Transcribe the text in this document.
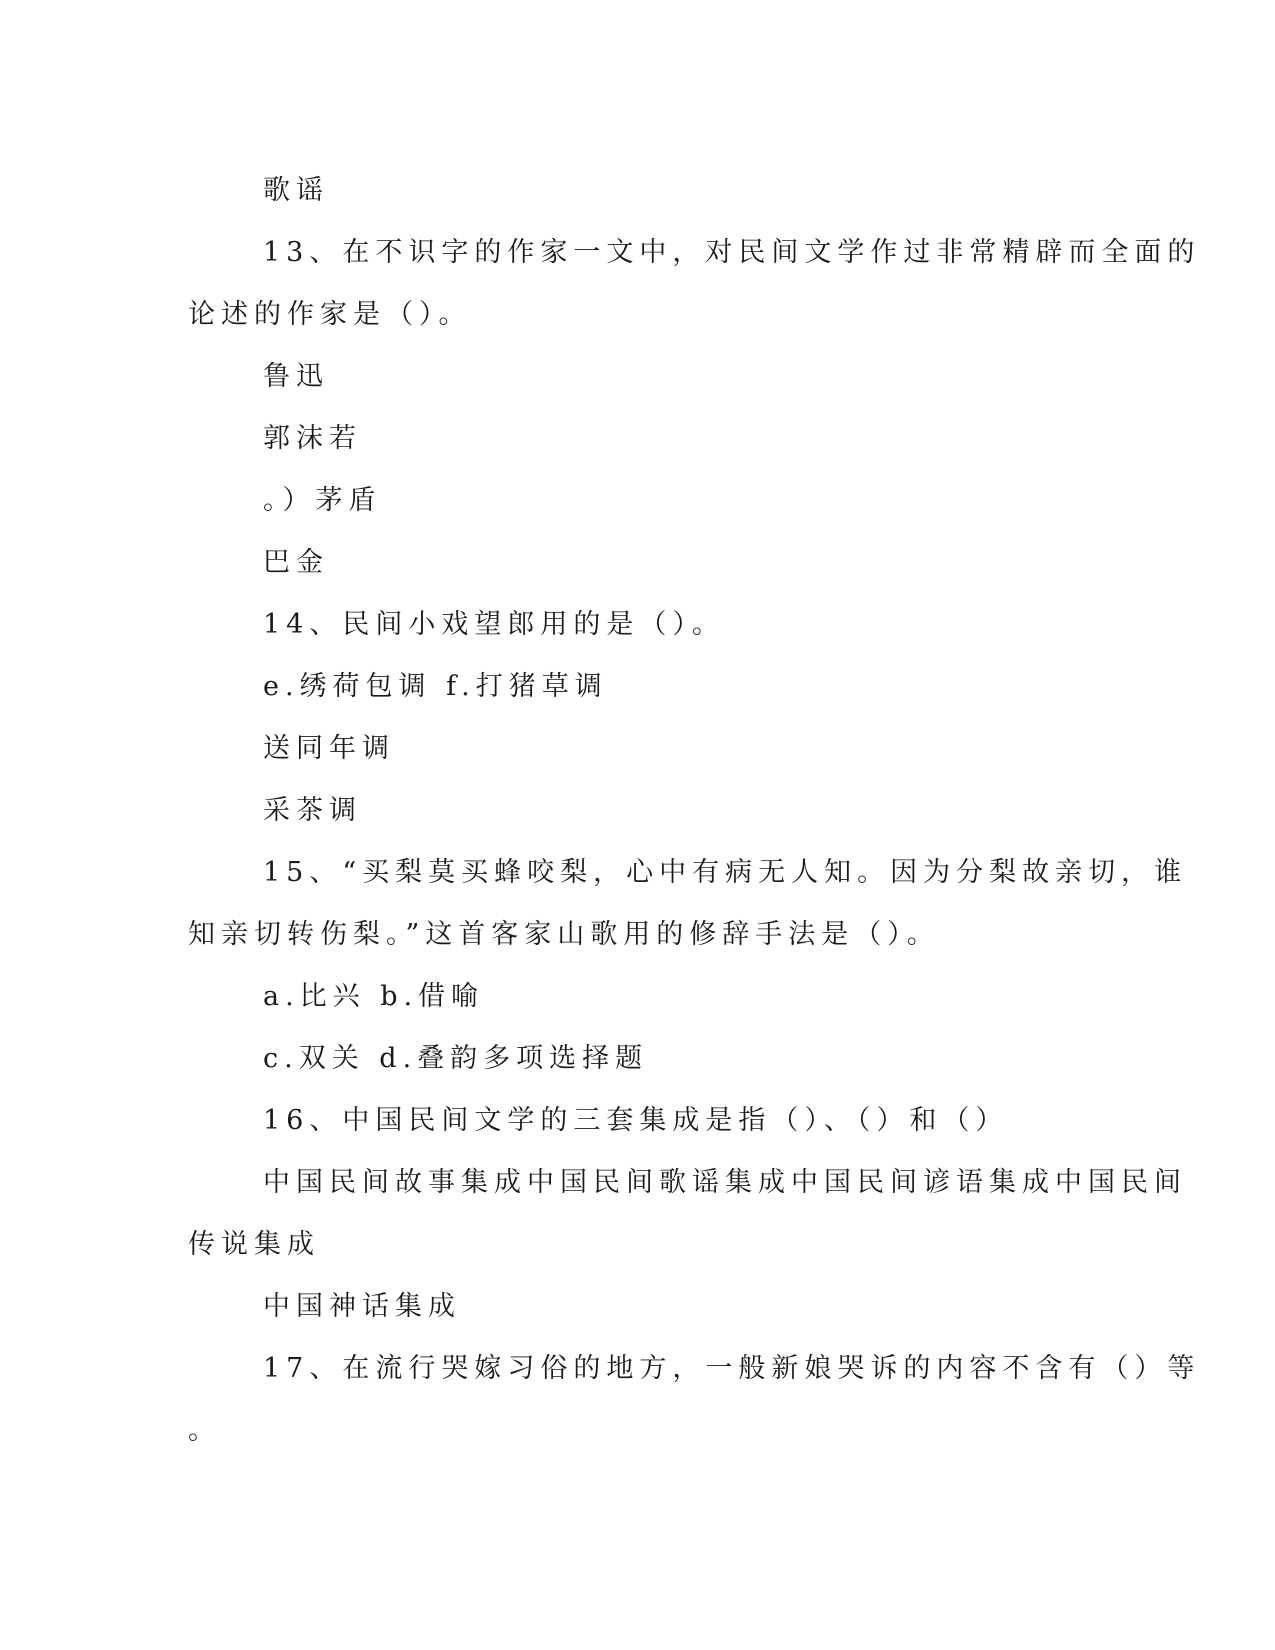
歌谣

13、在不识字的作家一文中，对民间文学作过非常精辟而全面的

论述的作家是（）。

鲁迅

郭沫若

。）茅盾

巴金

14、民间小戏望郎用的是（）。

e.绣荷包调 f.打猪草调

送同年调

采茶调

15、“买梨莫买蜂咬梨，心中有病无人知。因为分梨故亲切，谁

知亲切转伤梨。”这首客家山歌用的修辞手法是（）。

a.比兴 b.借喻

c.双关 d.叠韵多项选择题

16、中国民间文学的三套集成是指（）、（）和（）

中国民间故事集成中国民间歌谣集成中国民间谚语集成中国民间

传说集成

中国神话集成

17、在流行哭嫁习俗的地方，一般新娘哭诉的内容不含有（）等

。
